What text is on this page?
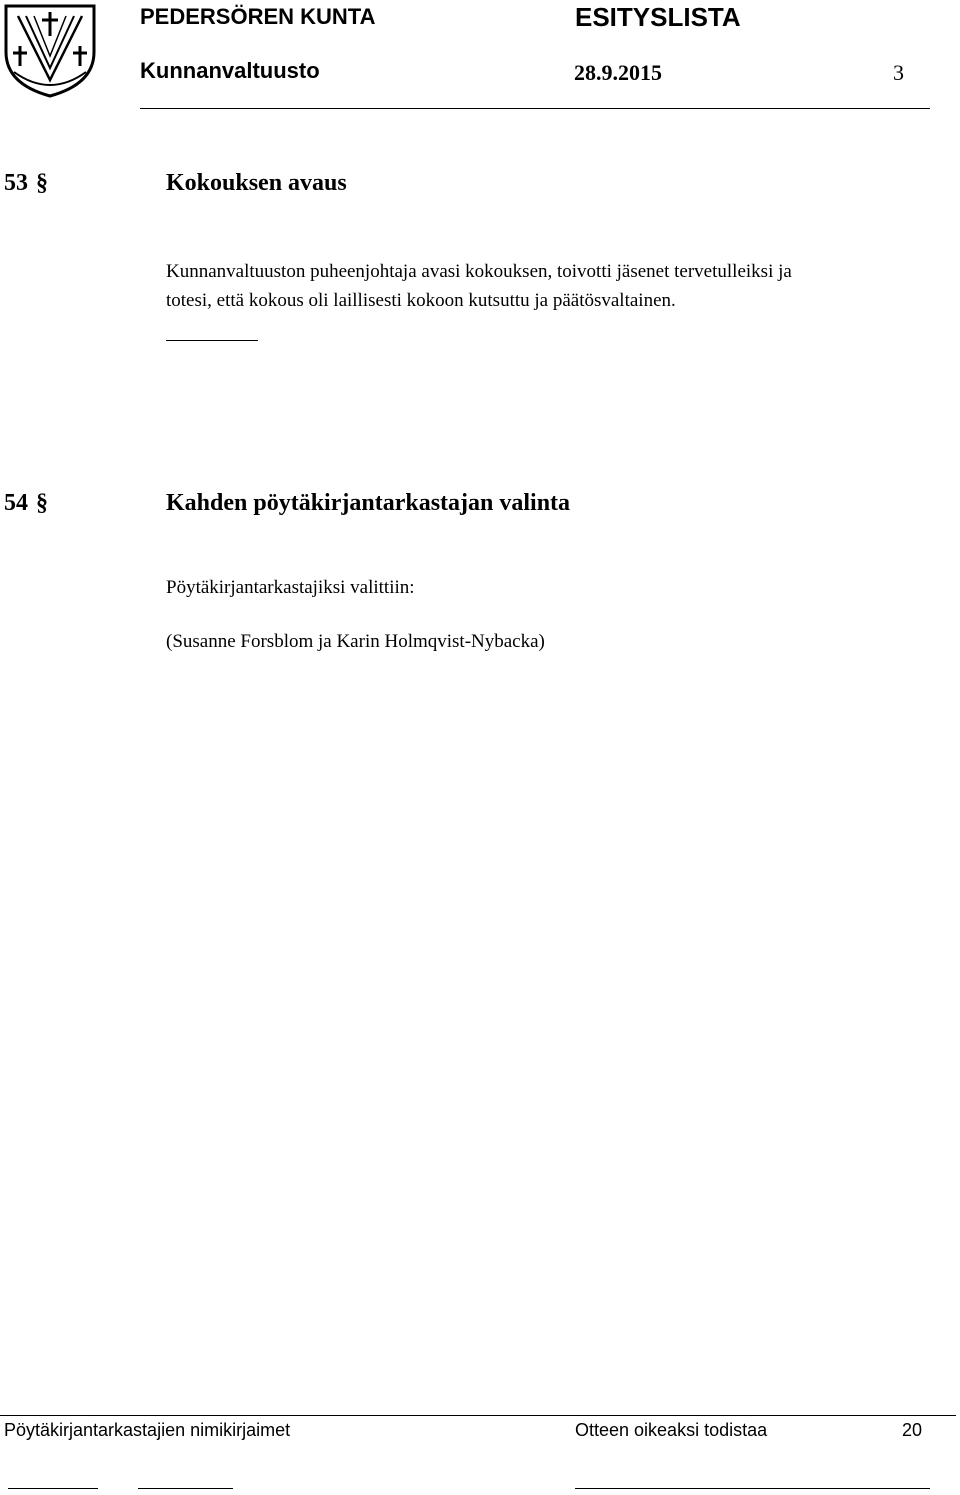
PEDERSÖREN KUNTA	ESITYSLISTA
Kunnanvaltuusto	28.9.2015	3
53 §	Kokouksen avaus
Kunnanvaltuuston puheenjohtaja avasi kokouksen, toivotti jäsenet tervetulleiksi ja
totesi, että kokous oli laillisesti kokoon kutsuttu ja päätösvaltainen.
54 §	Kahden pöytäkirjantarkastajan valinta
Pöytäkirjantarkastajiksi valittiin:
(Susanne Forsblom ja Karin Holmqvist-Nybacka)
Pöytäkirjantarkastajien nimikirjaimet	Otteen oikeaksi todistaa	20
